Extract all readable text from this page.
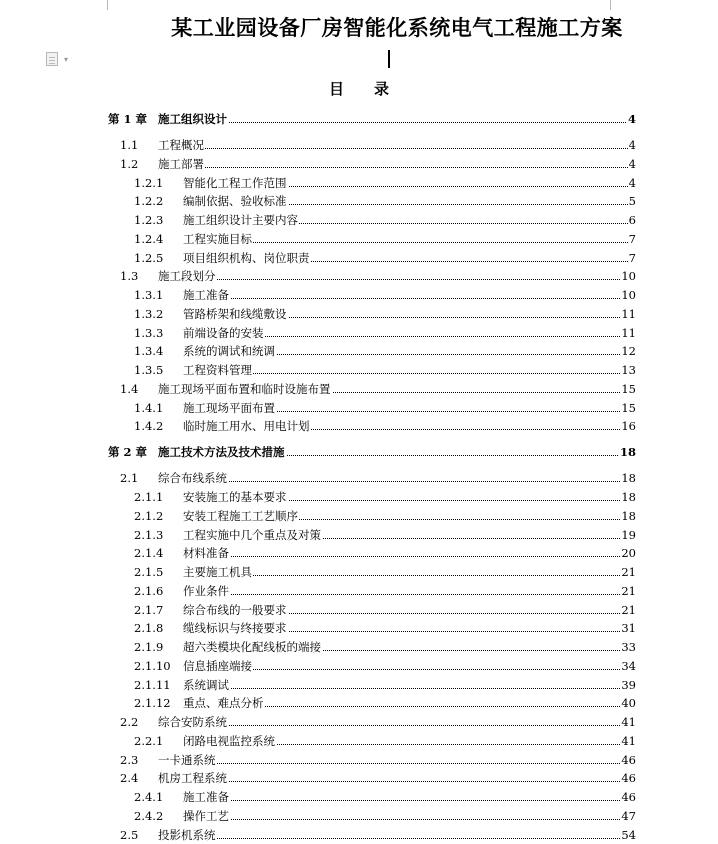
▾
某工业园设备厂房智能化系统电气工程施工方案
目　　录
第 1 章 施工组织设计	4
1.1 工程概况	4
1.2 施工部署	4
1.2.1 智能化工程工作范围	4
1.2.2 编制依据、验收标准	5
1.2.3 施工组织设计主要内容	6
1.2.4 工程实施目标	7
1.2.5 项目组织机构、岗位职责	7
1.3 施工段划分	10
1.3.1 施工准备	10
1.3.2 管路桥架和线缆敷设	11
1.3.3 前端设备的安装	11
1.3.4 系统的调试和统调	12
1.3.5 工程资料管理	13
1.4 施工现场平面布置和临时设施布置	15
1.4.1 施工现场平面布置	15
1.4.2 临时施工用水、用电计划	16
第 2 章 施工技术方法及技术措施	18
2.1 综合布线系统	18
2.1.1 安装施工的基本要求	18
2.1.2 安装工程施工工艺顺序	18
2.1.3 工程实施中几个重点及对策	19
2.1.4 材料准备	20
2.1.5 主要施工机具	21
2.1.6 作业条件	21
2.1.7 综合布线的一般要求	21
2.1.8 缆线标识与终接要求	31
2.1.9 超六类模块化配线板的端接	33
2.1.10 信息插座端接	34
2.1.11 系统调试	39
2.1.12 重点、难点分析	40
2.2 综合安防系统	41
2.2.1 闭路电视监控系统	41
2.3 一卡通系统	46
2.4 机房工程系统	46
2.4.1 施工准备	46
2.4.2 操作工艺	47
2.5 投影机系统	54
